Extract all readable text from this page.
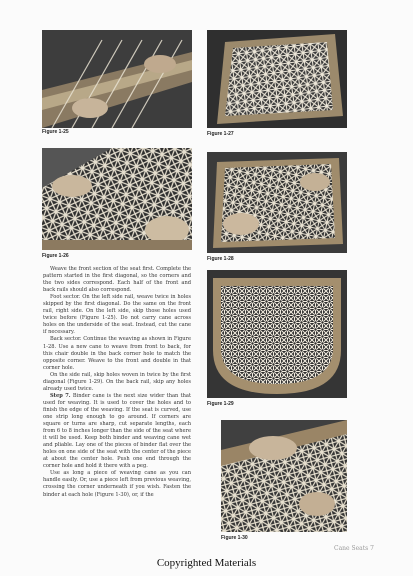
Figure 1-25
Figure 1-26
Figure 1-27
Figure 1-28
Figure 1-29
Figure 1-30

Weave the front section of the seat first. Complete the pattern started in the first diagonal, so the corners and the two sides correspond. Each half of the front and back rails should also correspond.

Foot sector. On the left side rail, weave twice in holes skipped by the first diagonal. Do the same on the front rail, right side. On the left side, skip those holes used twice before (Figure 1-25). Do not carry cane across holes on the underside of the seat. Instead, cut the cane if necessary.

Back sector. Continue the weaving as shown in Figure 1-28. Use a new cane to weave from front to back, for this chair double in the back corner hole to match the opposite corner. Weave to the front and double in that corner hole.

On the side rail, skip holes woven in twice by the first diagonal (Figure 1-29). On the back rail, skip any holes already used twice.

Step 7. Binder cane is the next size wider than that used for weaving. It is used to cover the holes and to finish the edge of the weaving. If the seat is curved, use one strip long enough to go around. If corners are square or turns are sharp, cut separate lengths, each from 6 to 8 inches longer than the side of the seat where it will be used. Keep both binder and weaving cane wet and pliable. Lay one of the pieces of binder flat over the holes on one side of the seat with the center of the piece at about the center hole. Push one end through the corner hole and hold it there with a peg.

Use as long a piece of weaving cane as you can handle easily. Or, use a piece left from previous weaving, crossing the corner underneath if you wish. Fasten the binder at each hole (Figure 1-30), or, if the

Cane Seats 7
Copyrighted Materials
